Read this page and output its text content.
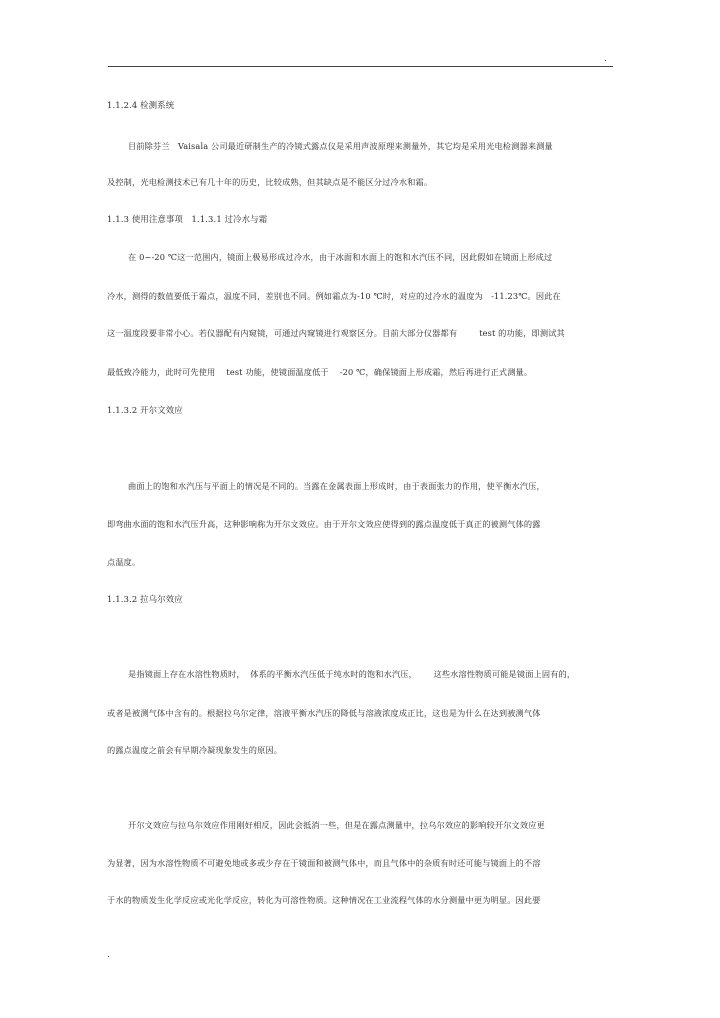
.
1.1.2.4 检测系统
目前除芬兰   Vaisala 公司最近研制生产的冷镜式露点仪是采用声波原理来测量外，其它均是采用光电检测器来测量
及控制，光电检测技术已有几十年的历史，比较成熟，但其缺点是不能区分过冷水和霜。
1.1.3 使用注意事项   1.1.3.1 过冷水与霜
在 0~-20 ℃这一范围内，镜面上极易形成过冷水，由于冰面和水面上的饱和水汽压不同，因此假如在镜面上形成过
冷水，测得的数值要低于霜点，温度不同，差别也不同。例如霜点为-10 ℃时，对应的过冷水的温度为   -11.23℃。因此在
这一温度段要非常小心。若仪器配有内窥镜，可通过内窥镜进行观察区分。目前大部分仪器都有        test 的功能，即测试其
最低致冷能力，此时可先使用    test 功能，使镜面温度低于    -20 ℃，确保镜面上形成霜，然后再进行正式测量。
1.1.3.2 开尔文效应
曲面上的饱和水汽压与平面上的情况是不同的。当露在金属表面上形成时，由于表面张力的作用，使平衡水汽压，
即弯曲水面的饱和水汽压升高，这种影响称为开尔文效应。由于开尔文效应使得到的露点温度低于真正的被测气体的露
点温度。
1.1.3.2 拉乌尔效应
是指镜面上存在水溶性物质时，  体系的平衡水汽压低于纯水时的饱和水汽压，      这些水溶性物质可能是镜面上固有的，
或者是被测气体中含有的。根据拉乌尔定律，溶液平衡水汽压的降低与溶液浓度成正比，这也是为什么在达到被测气体
的露点温度之前会有早期冷凝现象发生的原因。
开尔文效应与拉乌尔效应作用刚好相反，因此会抵消一些，但是在露点测量中，拉乌尔效应的影响较开尔文效应更
为显著，因为水溶性物质不可避免地或多或少存在于镜面和被测气体中，而且气体中的杂质有时还可能与镜面上的不溶
于水的物质发生化学反应或光化学反应，转化为可溶性物质。这种情况在工业流程气体的水分测量中更为明显。因此要
.
